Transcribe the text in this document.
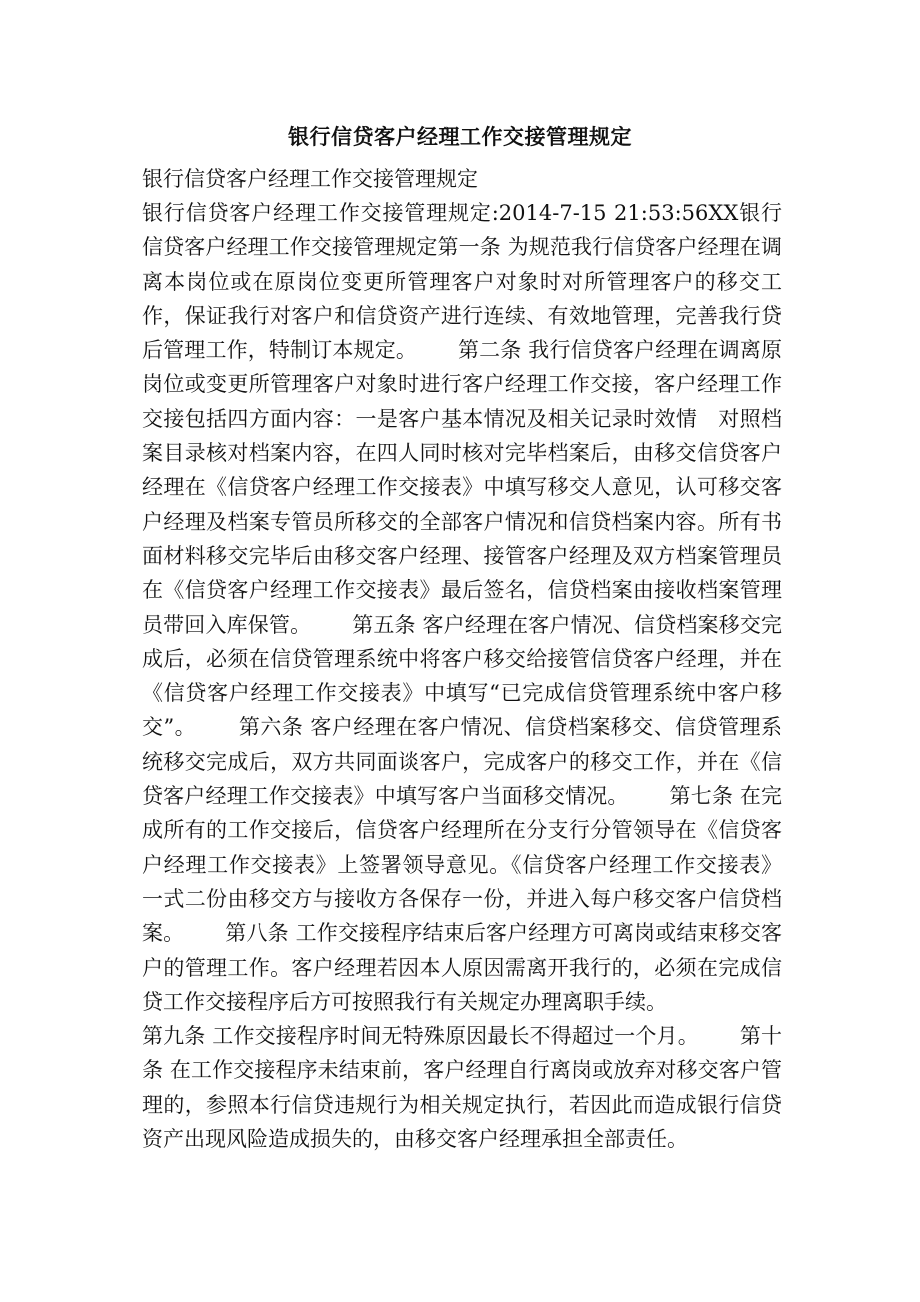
银行信贷客户经理工作交接管理规定

银行信贷客户经理工作交接管理规定

银行信贷客户经理工作交接管理规定:2014-7-15 21:53:56XX银行信贷客户经理工作交接管理规定第一条 为规范我行信贷客户经理在调离本岗位或在原岗位变更所管理客户对象时对所管理客户的移交工作，保证我行对客户和信贷资产进行连续、有效地管理，完善我行贷后管理工作，特制订本规定。      第二条 我行信贷客户经理在调离原岗位或变更所管理客户对象时进行客户经理工作交接，客户经理工作交接包括四方面内容：一是客户基本情况及相关记录时效情   对照档案目录核对档案内容，在四人同时核对完毕档案后，由移交信贷客户经理在《信贷客户经理工作交接表》中填写移交人意见，认可移交客户经理及档案专管员所移交的全部客户情况和信贷档案内容。所有书面材料移交完毕后由移交客户经理、接管客户经理及双方档案管理员在《信贷客户经理工作交接表》最后签名，信贷档案由接收档案管理员带回入库保管。      第五条 客户经理在客户情况、信贷档案移交完成后，必须在信贷管理系统中将客户移交给接管信贷客户经理，并在《信贷客户经理工作交接表》中填写“已完成信贷管理系统中客户移交”。      第六条 客户经理在客户情况、信贷档案移交、信贷管理系统移交完成后，双方共同面谈客户，完成客户的移交工作，并在《信贷客户经理工作交接表》中填写客户当面移交情况。      第七条 在完成所有的工作交接后，信贷客户经理所在分支行分管领导在《信贷客户经理工作交接表》上签署领导意见。《信贷客户经理工作交接表》一式二份由移交方与接收方各保存一份，并进入每户移交客户信贷档案。      第八条 工作交接程序结束后客户经理方可离岗或结束移交客户的管理工作。客户经理若因本人原因需离开我行的，必须在完成信贷工作交接程序后方可按照我行有关规定办理离职手续。
第九条 工作交接程序时间无特殊原因最长不得超过一个月。      第十条 在工作交接程序未结束前，客户经理自行离岗或放弃对移交客户管理的，参照本行信贷违规行为相关规定执行，若因此而造成银行信贷资产出现风险造成损失的，由移交客户经理承担全部责任。
